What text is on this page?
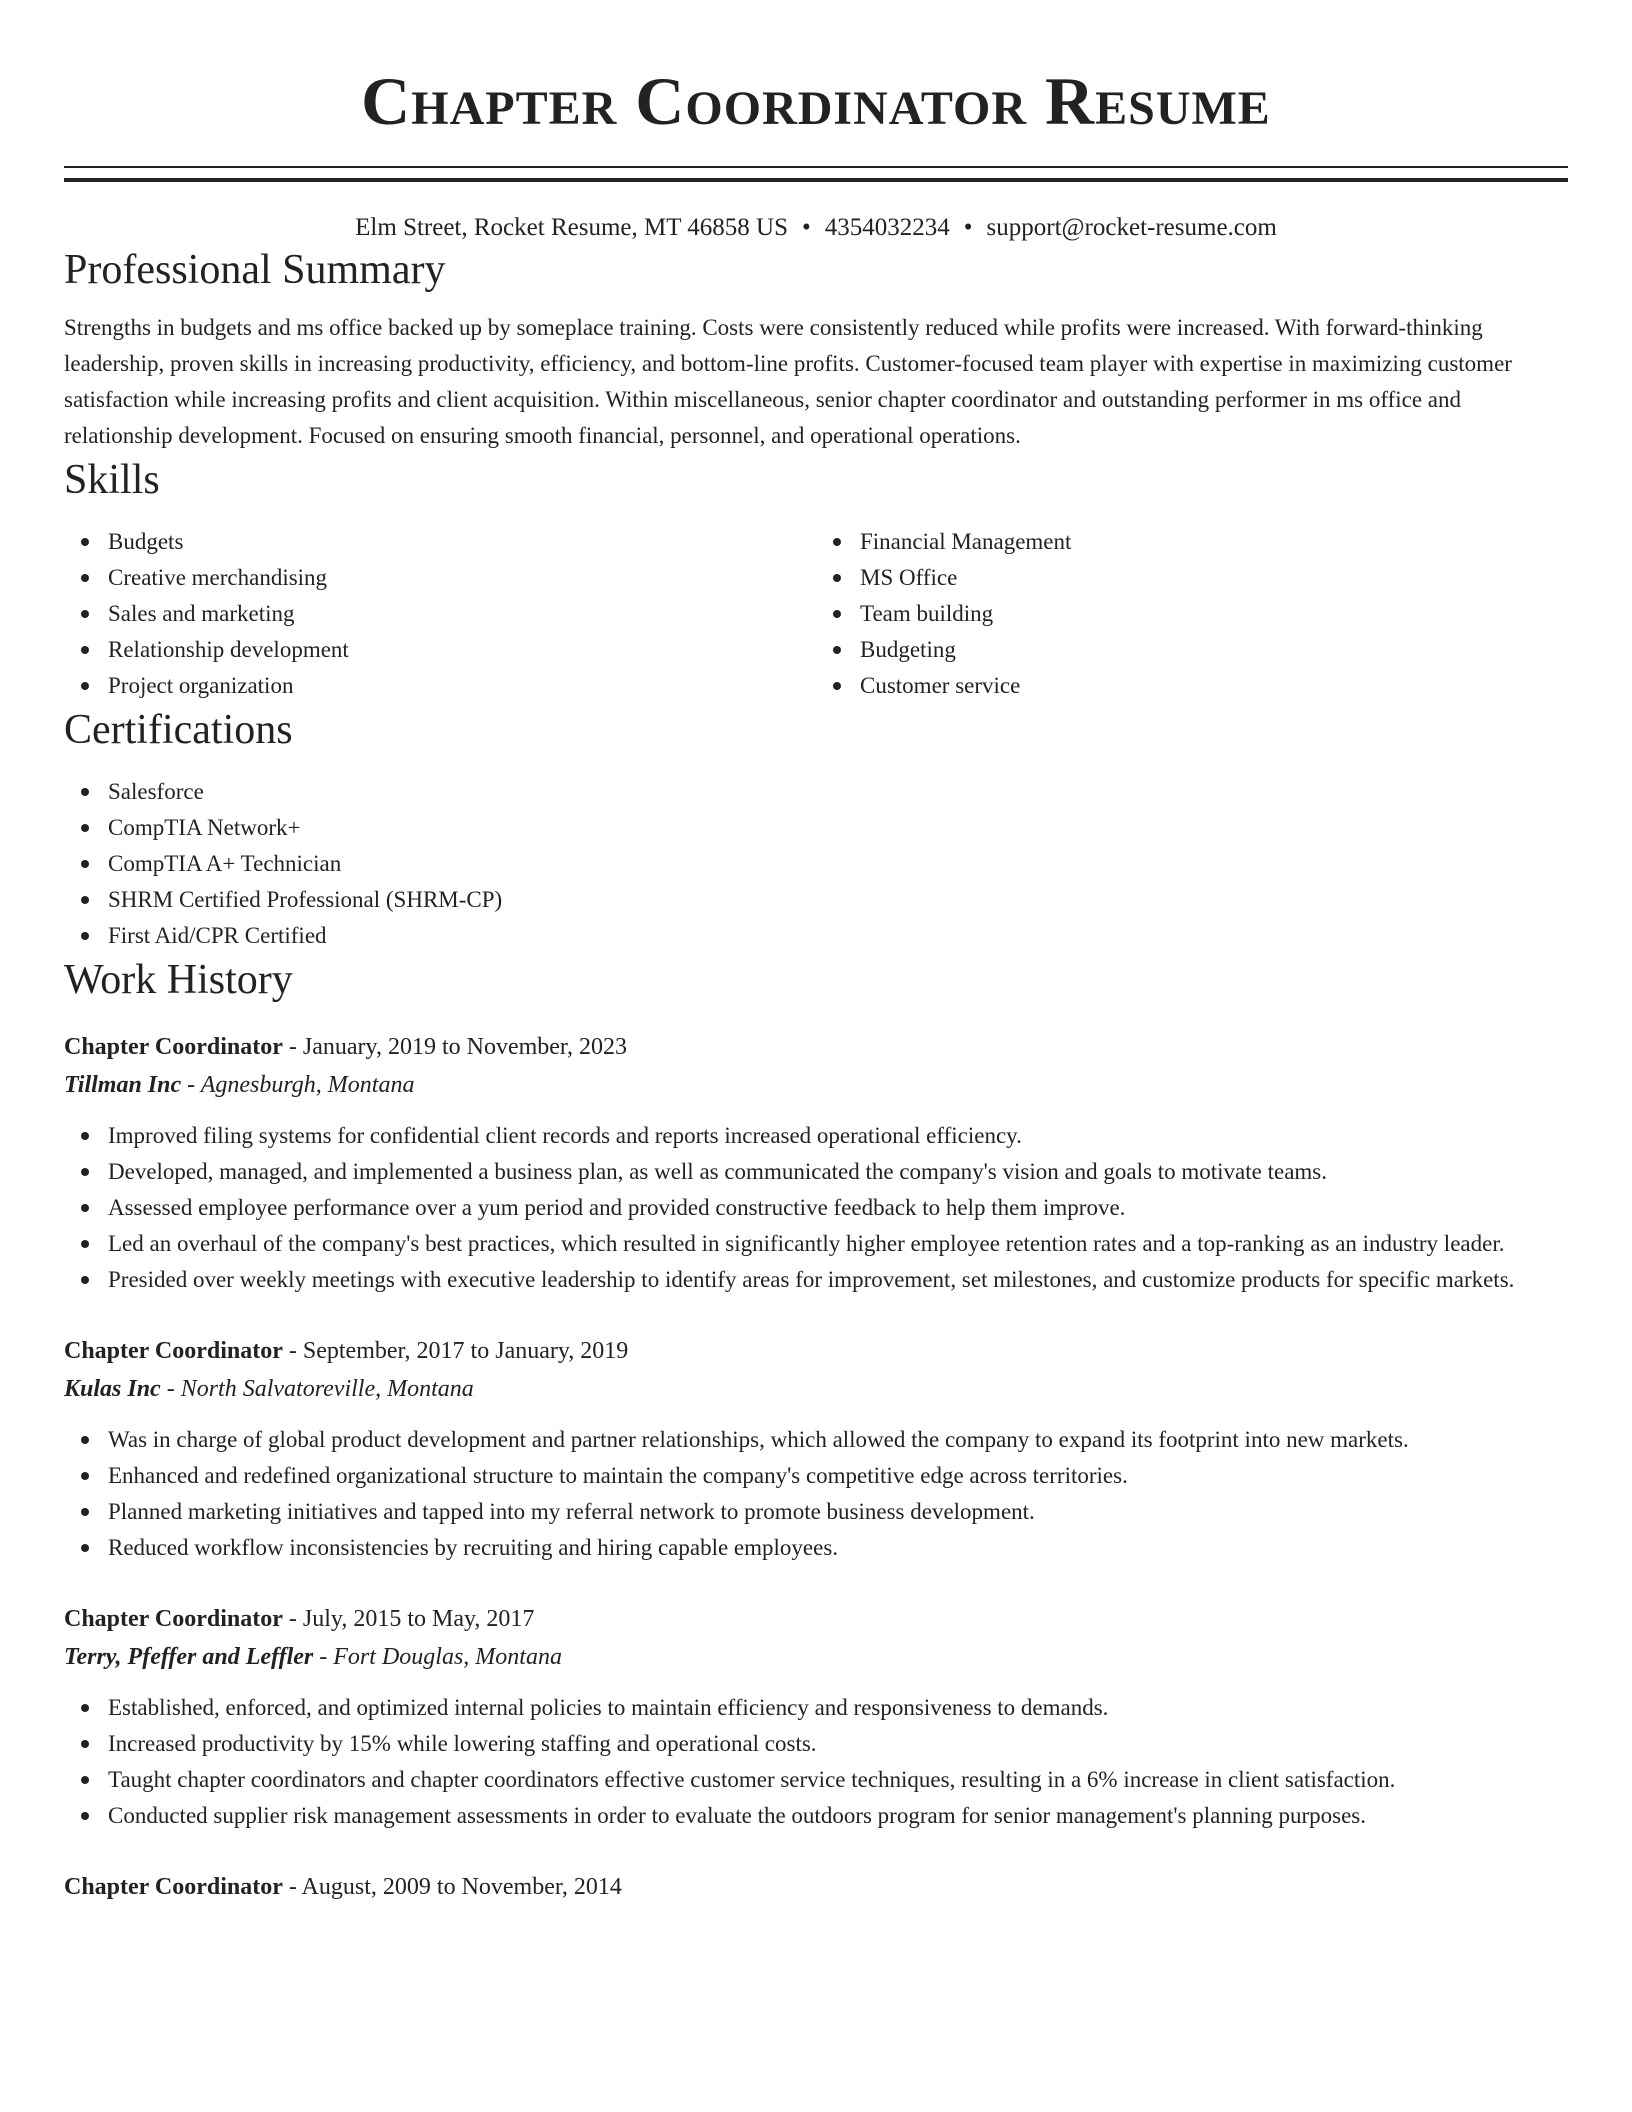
Chapter Coordinator Resume
Elm Street, Rocket Resume, MT 46858 US • 4354032234 • support@rocket-resume.com
Professional Summary

Strengths in budgets and ms office backed up by someplace training. Costs were consistently reduced while profits were increased. With forward-thinking leadership, proven skills in increasing productivity, efficiency, and bottom-line profits. Customer-focused team player with expertise in maximizing customer satisfaction while increasing profits and client acquisition. Within miscellaneous, senior chapter coordinator and outstanding performer in ms office and relationship development. Focused on ensuring smooth financial, personnel, and operational operations.

Skills
Budgets
Creative merchandising
Sales and marketing
Relationship development
Project organization
Financial Management
MS Office
Team building
Budgeting
Customer service
Certifications
Salesforce
CompTIA Network+
CompTIA A+ Technician
SHRM Certified Professional (SHRM-CP)
First Aid/CPR Certified
Work History
Chapter Coordinator - January, 2019 to November, 2023
Tillman Inc - Agnesburgh, Montana
Improved filing systems for confidential client records and reports increased operational efficiency.
Developed, managed, and implemented a business plan, as well as communicated the company's vision and goals to motivate teams.
Assessed employee performance over a yum period and provided constructive feedback to help them improve.
Led an overhaul of the company's best practices, which resulted in significantly higher employee retention rates and a top-ranking as an industry leader.
Presided over weekly meetings with executive leadership to identify areas for improvement, set milestones, and customize products for specific markets.
Chapter Coordinator - September, 2017 to January, 2019
Kulas Inc - North Salvatoreville, Montana
Was in charge of global product development and partner relationships, which allowed the company to expand its footprint into new markets.
Enhanced and redefined organizational structure to maintain the company's competitive edge across territories.
Planned marketing initiatives and tapped into my referral network to promote business development.
Reduced workflow inconsistencies by recruiting and hiring capable employees.
Chapter Coordinator - July, 2015 to May, 2017
Terry, Pfeffer and Leffler - Fort Douglas, Montana
Established, enforced, and optimized internal policies to maintain efficiency and responsiveness to demands.
Increased productivity by 15% while lowering staffing and operational costs.
Taught chapter coordinators and chapter coordinators effective customer service techniques, resulting in a 6% increase in client satisfaction.
Conducted supplier risk management assessments in order to evaluate the outdoors program for senior management's planning purposes.
Chapter Coordinator - August, 2009 to November, 2014
